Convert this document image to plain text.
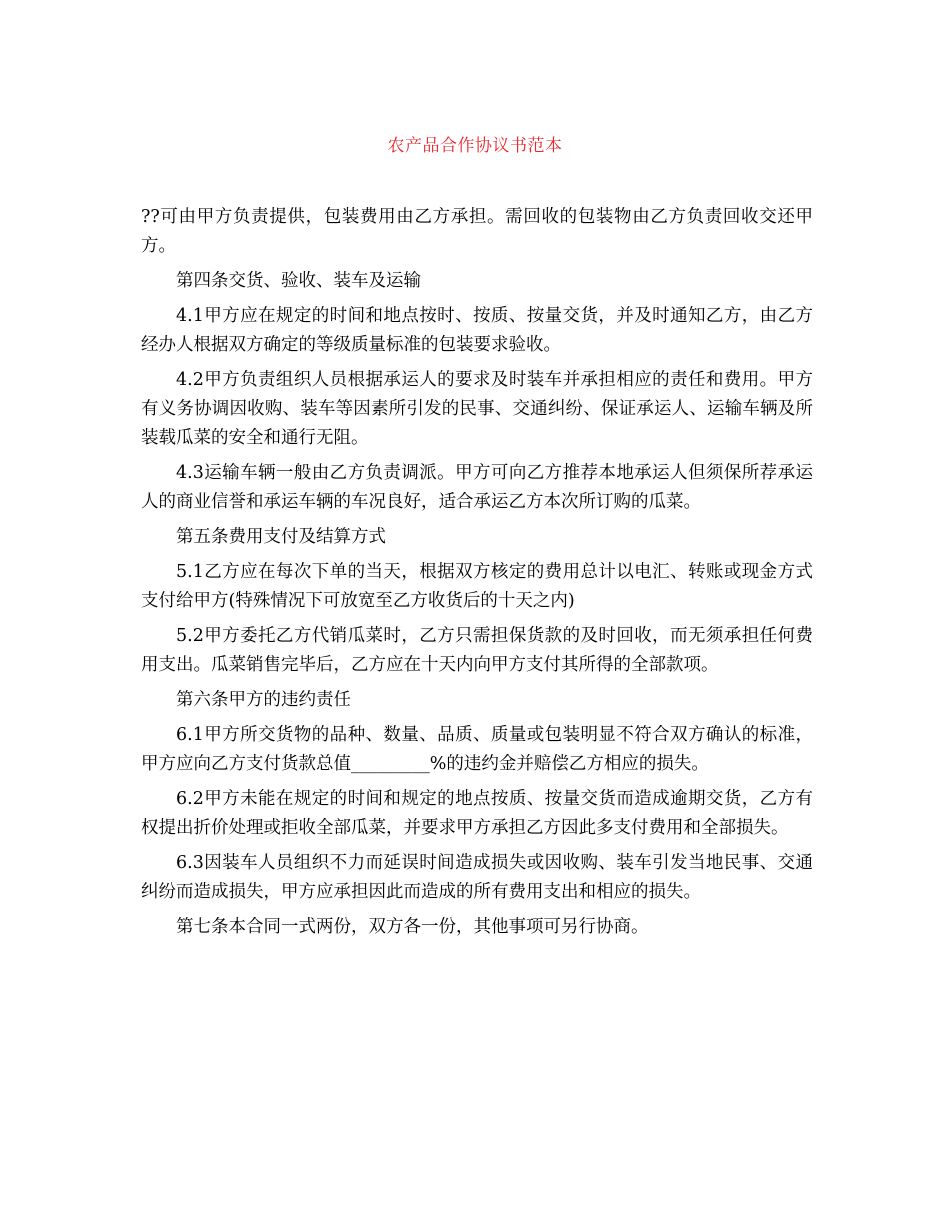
农产品合作协议书范本

??可由甲方负责提供，包装费用由乙方承担。需回收的包装物由乙方负责回收交还甲方。

第四条交货、验收、装车及运输

4.1甲方应在规定的时间和地点按时、按质、按量交货，并及时通知乙方，由乙方经办人根据双方确定的等级质量标准的包装要求验收。

4.2甲方负责组织人员根据承运人的要求及时装车并承担相应的责任和费用。甲方有义务协调因收购、装车等因素所引发的民事、交通纠纷、保证承运人、运输车辆及所装载瓜菜的安全和通行无阻。

4.3运输车辆一般由乙方负责调派。甲方可向乙方推荐本地承运人但须保所荐承运人的商业信誉和承运车辆的车况良好，适合承运乙方本次所订购的瓜菜。

第五条费用支付及结算方式

5.1乙方应在每次下单的当天，根据双方核定的费用总计以电汇、转账或现金方式支付给甲方(特殊情况下可放宽至乙方收货后的十天之内)

5.2甲方委托乙方代销瓜菜时，乙方只需担保货款的及时回收，而无须承担任何费用支出。瓜菜销售完毕后，乙方应在十天内向甲方支付其所得的全部款项。

第六条甲方的违约责任

6.1甲方所交货物的品种、数量、品质、质量或包装明显不符合双方确认的标准，甲方应向乙方支付货款总值_________%的违约金并赔偿乙方相应的损失。

6.2甲方未能在规定的时间和规定的地点按质、按量交货而造成逾期交货，乙方有权提出折价处理或拒收全部瓜菜，并要求甲方承担乙方因此多支付费用和全部损失。

6.3因装车人员组织不力而延误时间造成损失或因收购、装车引发当地民事、交通纠纷而造成损失，甲方应承担因此而造成的所有费用支出和相应的损失。

第七条本合同一式两份，双方各一份，其他事项可另行协商。
